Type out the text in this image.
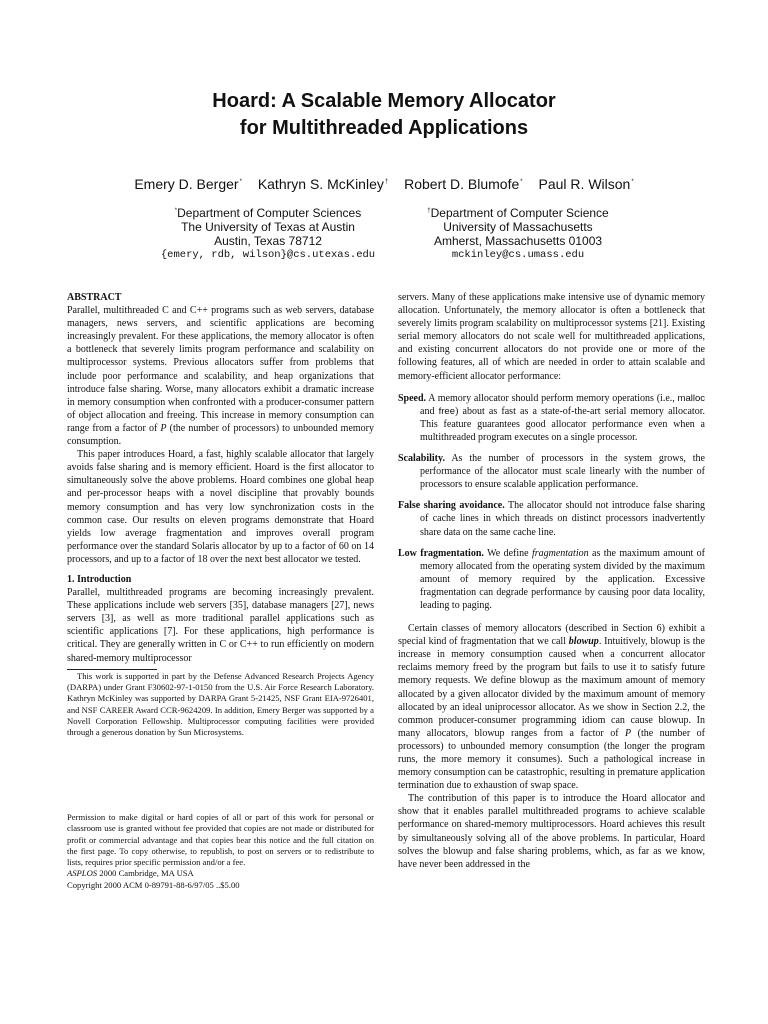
Hoard: A Scalable Memory Allocator
for Multithreaded Applications
Emery D. Berger* Kathryn S. McKinley† Robert D. Blumofe* Paul R. Wilson*
*Department of Computer Sciences
The University of Texas at Austin
Austin, Texas 78712
{emery, rdb, wilson}@cs.utexas.edu
†Department of Computer Science
University of Massachusetts
Amherst, Massachusetts 01003
mckinley@cs.umass.edu

ABSTRACT

Parallel, multithreaded C and C++ programs such as web servers, database managers, news servers, and scientific applications are becoming increasingly prevalent. For these applications, the memory allocator is often a bottleneck that severely limits program performance and scalability on multiprocessor systems. Previous allocators suffer from problems that include poor performance and scalability, and heap organizations that introduce false sharing. Worse, many allocators exhibit a dramatic increase in memory consumption when confronted with a producer-consumer pattern of object allocation and freeing. This increase in memory consumption can range from a factor of P (the number of processors) to unbounded memory consumption.

This paper introduces Hoard, a fast, highly scalable allocator that largely avoids false sharing and is memory efficient. Hoard is the first allocator to simultaneously solve the above problems. Hoard combines one global heap and per-processor heaps with a novel discipline that provably bounds memory consumption and has very low synchronization costs in the common case. Our results on eleven programs demonstrate that Hoard yields low average fragmentation and improves overall program performance over the standard Solaris allocator by up to a factor of 60 on 14 processors, and up to a factor of 18 over the next best allocator we tested.

1. Introduction

Parallel, multithreaded programs are becoming increasingly prevalent. These applications include web servers [35], database managers [27], news servers [3], as well as more traditional parallel applications such as scientific applications [7]. For these applications, high performance is critical. They are generally written in C or C++ to run efficiently on modern shared-memory multiprocessor

This work is supported in part by the Defense Advanced Research Projects Agency (DARPA) under Grant F30602-97-1-0150 from the U.S. Air Force Research Laboratory. Kathryn McKinley was supported by DARPA Grant 5-21425, NSF Grant EIA-9726401, and NSF CAREER Award CCR-9624209. In addition, Emery Berger was supported by a Novell Corporation Fellowship. Multiprocessor computing facilities were provided through a generous donation by Sun Microsystems.

Permission to make digital or hard copies of all or part of this work for personal or classroom use is granted without fee provided that copies are not made or distributed for profit or commercial advantage and that copies bear this notice and the full citation on the first page. To copy otherwise, to republish, to post on servers or to redistribute to lists, requires prior specific permission and/or a fee.
ASPLOS 2000 Cambridge, MA USA
Copyright 2000 ACM 0-89791-88-6/97/05 ..$5.00

servers. Many of these applications make intensive use of dynamic memory allocation. Unfortunately, the memory allocator is often a bottleneck that severely limits program scalability on multiprocessor systems [21]. Existing serial memory allocators do not scale well for multithreaded applications, and existing concurrent allocators do not provide one or more of the following features, all of which are needed in order to attain scalable and memory-efficient allocator performance:

Speed. A memory allocator should perform memory operations (i.e., malloc and free) about as fast as a state-of-the-art serial memory allocator. This feature guarantees good allocator performance even when a multithreaded program executes on a single processor.
Scalability. As the number of processors in the system grows, the performance of the allocator must scale linearly with the number of processors to ensure scalable application performance.
False sharing avoidance. The allocator should not introduce false sharing of cache lines in which threads on distinct processors inadvertently share data on the same cache line.
Low fragmentation. We define fragmentation as the maximum amount of memory allocated from the operating system divided by the maximum amount of memory required by the application. Excessive fragmentation can degrade performance by causing poor data locality, leading to paging.

Certain classes of memory allocators (described in Section 6) exhibit a special kind of fragmentation that we call blowup. Intuitively, blowup is the increase in memory consumption caused when a concurrent allocator reclaims memory freed by the program but fails to use it to satisfy future memory requests. We define blowup as the maximum amount of memory allocated by a given allocator divided by the maximum amount of memory allocated by an ideal uniprocessor allocator. As we show in Section 2.2, the common producer-consumer programming idiom can cause blowup. In many allocators, blowup ranges from a factor of P (the number of processors) to unbounded memory consumption (the longer the program runs, the more memory it consumes). Such a pathological increase in memory consumption can be catastrophic, resulting in premature application termination due to exhaustion of swap space.

The contribution of this paper is to introduce the Hoard allocator and show that it enables parallel multithreaded programs to achieve scalable performance on shared-memory multiprocessors. Hoard achieves this result by simultaneously solving all of the above problems. In particular, Hoard solves the blowup and false sharing problems, which, as far as we know, have never been addressed in the
